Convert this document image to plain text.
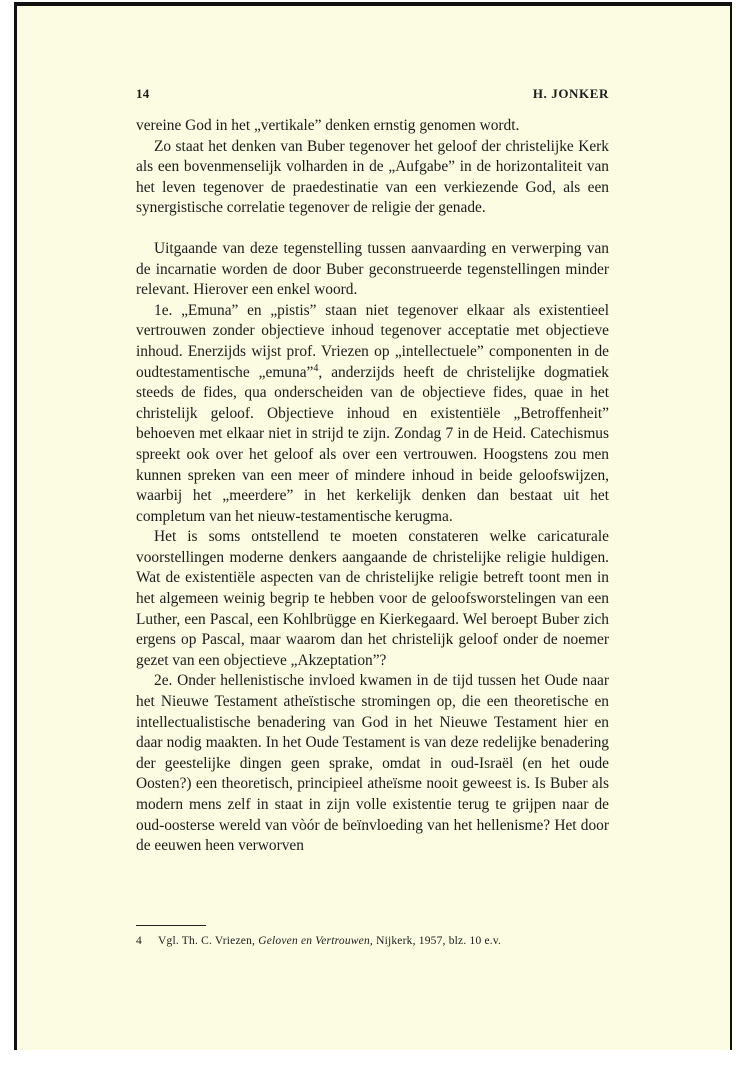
14	H. JONKER

vereine God in het „vertikale” denken ernstig genomen wordt.

Zo staat het denken van Buber tegenover het geloof der christelijke Kerk als een bovenmenselijk volharden in de „Aufgabe” in de horizontaliteit van het leven tegenover de praedestinatie van een verkiezende God, als een synergistische correlatie tegenover de religie der genade.

Uitgaande van deze tegenstelling tussen aanvaarding en verwerping van de incarnatie worden de door Buber geconstrueerde tegenstellingen minder relevant. Hierover een enkel woord.

1e. „Emuna” en „pistis” staan niet tegenover elkaar als existentieel vertrouwen zonder objectieve inhoud tegenover acceptatie met objectieve inhoud. Enerzijds wijst prof. Vriezen op „intellectuele” componenten in de oudtestamentische „emuna”$^4$, anderzijds heeft de christelijke dogmatiek steeds de fides, qua onderscheiden van de objectieve fides, quae in het christelijk geloof. Objectieve inhoud en existentiële „Betroffenheit” behoeven met elkaar niet in strijd te zijn. Zondag 7 in de Heid. Catechismus spreekt ook over het geloof als over een vertrouwen. Hoogstens zou men kunnen spreken van een meer of mindere inhoud in beide geloofswijzen, waarbij het „meerdere” in het kerkelijk denken dan bestaat uit het completum van het nieuw-testamentische kerugma.

Het is soms ontstellend te moeten constateren welke caricaturale voorstellingen moderne denkers aangaande de christelijke religie huldigen. Wat de existentiële aspecten van de christelijke religie betreft toont men in het algemeen weinig begrip te hebben voor de geloofsworstelingen van een Luther, een Pascal, een Kohlbrügge en Kierkegaard. Wel beroept Buber zich ergens op Pascal, maar waarom dan het christelijk geloof onder de noemer gezet van een objectieve „Akzeptation”?

2e. Onder hellenistische invloed kwamen in de tijd tussen het Oude naar het Nieuwe Testament atheïstische stromingen op, die een theoretische en intellectualistische benadering van God in het Nieuwe Testament hier en daar nodig maakten. In het Oude Testament is van deze redelijke benadering der geestelijke dingen geen sprake, omdat in oud-Israël (en het oude Oosten?) een theoretisch, principieel atheïsme nooit geweest is. Is Buber als modern mens zelf in staat in zijn volle existentie terug te grijpen naar de oud-oosterse wereld van vòór de beïnvloeding van het hellenisme? Het door de eeuwen heen verworven

4 Vgl. Th. C. Vriezen, Geloven en Vertrouwen, Nijkerk, 1957, blz. 10 e.v.
